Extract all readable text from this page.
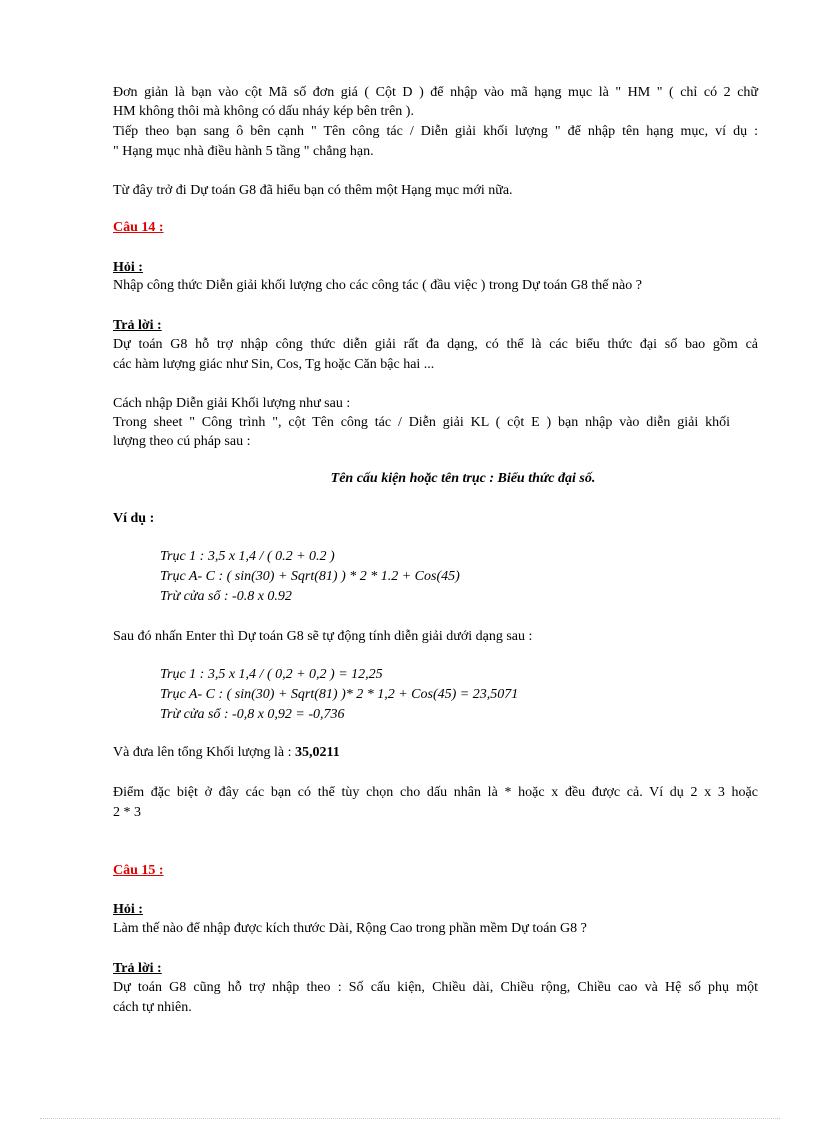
Đơn giản là bạn vào cột Mã số đơn giá ( Cột D ) để nhập vào mã hạng mục là " HM " ( chỉ có 2 chữ
HM không thôi mà không có dấu nháy kép bên trên ).
Tiếp theo bạn sang ô bên cạnh " Tên công tác / Diễn giải khối lượng " để nhập tên hạng mục, ví dụ :
" Hạng mục nhà điều hành 5 tầng " chẳng hạn.
Từ đây trở đi Dự toán G8 đã hiểu bạn có thêm một Hạng mục mới nữa.
Câu 14 :
Hỏi :
Nhập công thức Diễn giải khối lượng cho các công tác ( đầu việc ) trong Dự toán G8 thế nào ?
Trả lời :
Dự toán G8 hỗ trợ nhập công thức diễn giải rất đa dạng, có thể là các biểu thức đại số bao gồm cả
các hàm lượng giác như Sin, Cos, Tg hoặc Căn bậc hai ...
Cách nhập Diễn giải Khối lượng như sau :
Trong sheet " Công trình ", cột Tên công tác / Diễn giải KL ( cột E ) bạn nhập vào diễn giải khối
lượng theo cú pháp sau :
Tên cấu kiện hoặc tên trục : Biểu thức đại số.
Ví dụ :
Trục 1 : 3,5 x 1,4 / ( 0.2 + 0.2 )
Trục A- C : ( sin(30) + Sqrt(81) ) * 2 * 1.2 + Cos(45)
Trừ cửa sổ : -0.8 x 0.92
Sau đó nhấn Enter thì Dự toán G8 sẽ tự động tính diễn giải dưới dạng sau :
Trục 1 : 3,5 x 1,4 / ( 0,2 + 0,2 ) = 12,25
Trục A- C : ( sin(30) + Sqrt(81) )* 2 * 1,2 + Cos(45) = 23,5071
Trừ cửa sổ : -0,8 x 0,92 = -0,736
Và đưa lên tổng Khối lượng là : 35,0211
Điểm đặc biệt ở đây các bạn có thể tùy chọn cho dấu nhân là * hoặc x đều được cả. Ví dụ 2 x 3 hoặc
2 * 3
Câu 15 :
Hỏi :
Làm thế nào để nhập được kích thước Dài, Rộng Cao trong phần mềm Dự toán G8 ?
Trả lời :
Dự toán G8 cũng hỗ trợ nhập theo : Số cấu kiện, Chiều dài, Chiều rộng, Chiều cao và Hệ số phụ một
cách tự nhiên.
